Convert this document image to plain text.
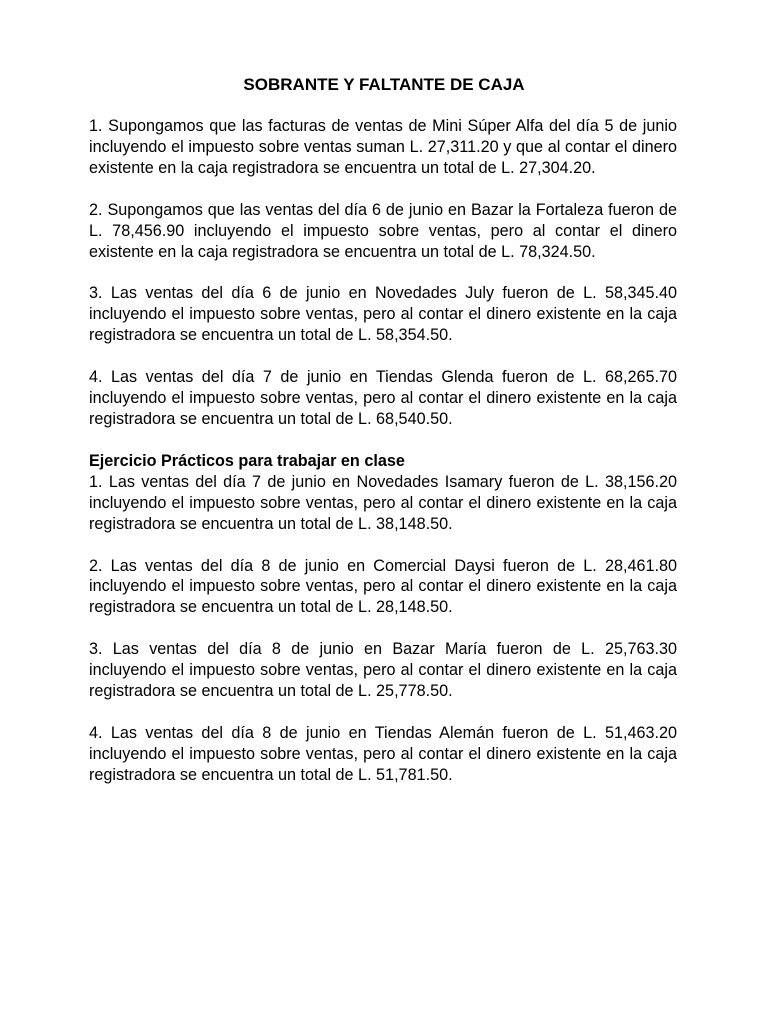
SOBRANTE Y FALTANTE DE CAJA

1. Supongamos que las facturas de ventas de Mini Súper Alfa del día 5 de junio incluyendo el impuesto sobre ventas suman L. 27,311.20 y que al contar el dinero existente en la caja registradora se encuentra un total de L. 27,304.20.

2. Supongamos que las ventas del día 6 de junio en Bazar la Fortaleza fueron de L. 78,456.90 incluyendo el impuesto sobre ventas, pero al contar el dinero existente en la caja registradora se encuentra un total de L. 78,324.50.

3. Las ventas del día 6 de junio en Novedades July fueron de L. 58,345.40 incluyendo el impuesto sobre ventas, pero al contar el dinero existente en la caja registradora se encuentra un total de L. 58,354.50.

4. Las ventas del día 7 de junio en Tiendas Glenda fueron de L. 68,265.70 incluyendo el impuesto sobre ventas, pero al contar el dinero existente en la caja registradora se encuentra un total de L. 68,540.50.

Ejercicio Prácticos para trabajar en clase

1. Las ventas del día 7 de junio en Novedades Isamary fueron de L. 38,156.20 incluyendo el impuesto sobre ventas, pero al contar el dinero existente en la caja registradora se encuentra un total de L. 38,148.50.

2. Las ventas del día 8 de junio en Comercial Daysi fueron de L. 28,461.80 incluyendo el impuesto sobre ventas, pero al contar el dinero existente en la caja registradora se encuentra un total de L. 28,148.50.

3. Las ventas del día 8 de junio en Bazar María fueron de L. 25,763.30 incluyendo el impuesto sobre ventas, pero al contar el dinero existente en la caja registradora se encuentra un total de L. 25,778.50.

4. Las ventas del día 8 de junio en Tiendas Alemán fueron de L. 51,463.20 incluyendo el impuesto sobre ventas, pero al contar el dinero existente en la caja registradora se encuentra un total de L. 51,781.50.
